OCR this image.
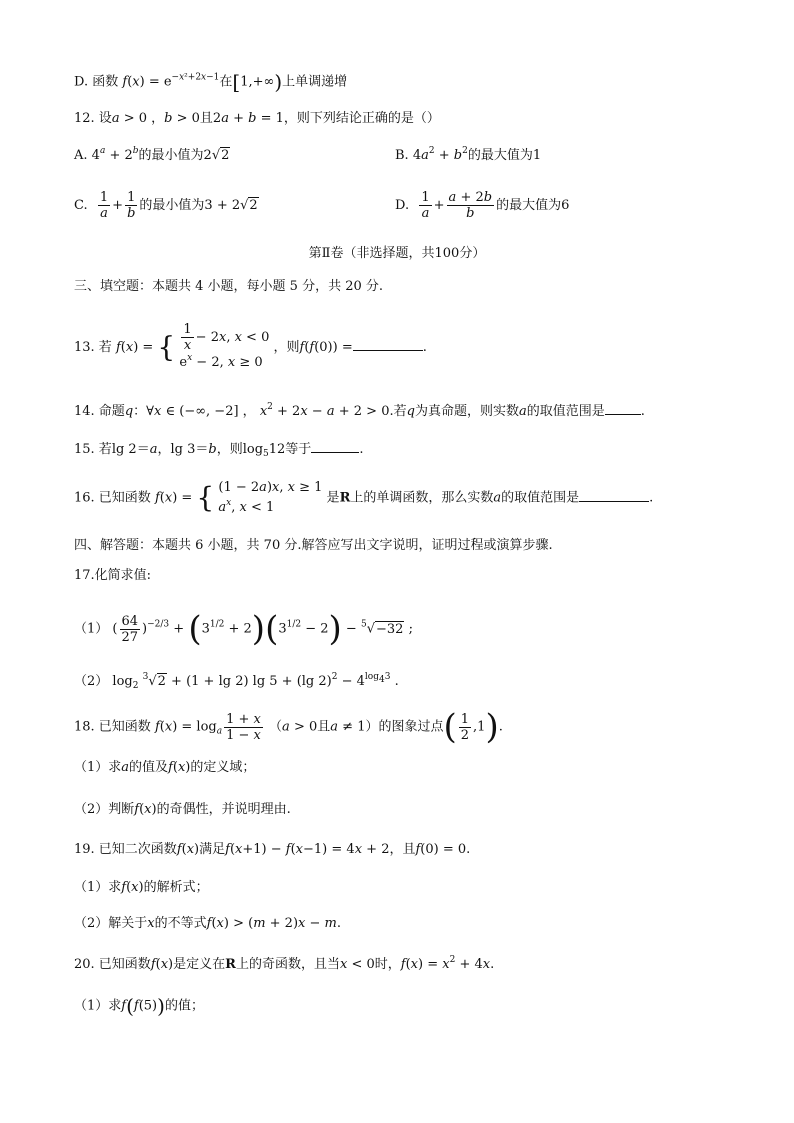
D. 函数 $f(x) = e^{-x^2+2x-1}$在[1,+∞)上单调递增
12. 设a > 0 ，b > 0且2a + b = 1，则下列结论正确的是（）
A. $4^a + 2^b$的最小值为2√2	B. $4a^2 + b^2$的最大值为1
C. $\frac{1}{a} + \frac{1}{b}$ 的最小值为3 + 2√2	D. $\frac{1}{a} + \frac{a + 2b}{b}$ 的最大值为6
第Ⅱ卷（非选择题，共100分）
三、填空题：本题共 4 小题，每小题 5 分，共 20 分.
13. 若 f(x) = { $\frac{1}{x} - 2x$, x < 0
$e^x - 2$, x ≥ 0
，则f(f(0)) =	.
14. 命题q：∀x ∈ (−∞, −2] ， $x^2 + 2x - a + 2 > 0$.若q为真命题，则实数a的取值范围是	.
15. 若lg 2＝a，lg 3＝b，则$\log_512$等于	.
16. 已知函数 f(x) = { (1 − 2a)x, x ≥ 1
$a^x$, x < 1
是R上的单调函数，那么实数a的取值范围是	.
四、解答题：本题共 6 小题，共 70 分.解答应写出文字说明，证明过程或演算步骤.
17.化简求值:
（1） ( $\frac{64}{27} )^{-2/3} + (3^{1/2} + 2)(3^{1/2} - 2) - ^5√-32$ ;
（2） $\log_2 ^3√2 + (1 + \lg 2)$ lg 5 + (lg $2)^2 - 4^{log_43}$ .
18. 已知函数 $f(x) = \log_a \frac{1 + x}{1 - x} (a > 0$且a ≠ 1）的图象过点( $\frac{1}{2} ,1$).
（1）求a的值及f(x)的定义域；
（2）判断f(x)的奇偶性，并说明理由.
19. 已知二次函数f(x)满足f(x+1) − f(x−1) = 4x + 2，且f(0) = 0.
（1）求f(x)的解析式；
（2）解关于x的不等式f(x) > (m + 2)x − m.
20. 已知函数f(x)是定义在R上的奇函数，且当x < 0时，$f(x) = x^2 + 4x$.
（1）求f(f(5))的值；
